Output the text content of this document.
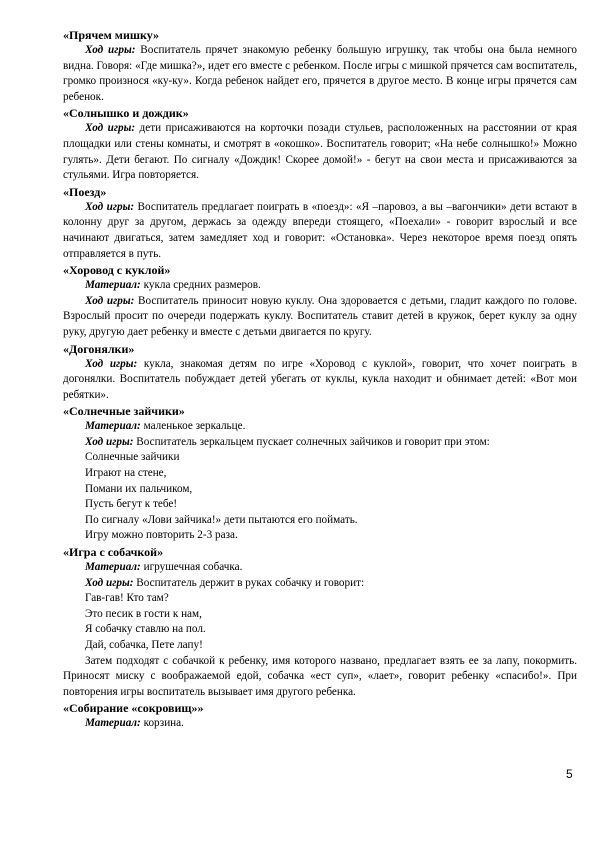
«Прячем мишку»

Ход игры: Воспитатель прячет знакомую ребенку большую игрушку, так чтобы она была немного видна. Говоря: «Где мишка?», идет его вместе с ребенком. После игры с мишкой прячется сам воспитатель, громко произнося «ку-ку». Когда ребенок найдет его, прячется в другое место. В конце игры прячется сам ребенок.

«Солнышко и дождик»

Ход игры: дети присаживаются на корточки позади стульев, расположенных на расстоянии от края площадки или стены комнаты, и смотрят в «окошко». Воспитатель говорит; «На небе солнышко!» Можно гулять». Дети бегают. По сигналу «Дождик! Скорее домой!» - бегут на свои места и присаживаются за стульями. Игра повторяется.

«Поезд»

Ход игры: Воспитатель предлагает поиграть в «поезд»: «Я –паровоз, а вы –вагончики» дети встают в колонну друг за другом, держась за одежду впереди стоящего, «Поехали» - говорит взрослый и все начинают двигаться, затем замедляет ход и говорит: «Остановка». Через некоторое время поезд опять отправляется в путь.

«Хоровод с куклой»

Материал: кукла средних размеров.

Ход игры: Воспитатель приносит новую куклу. Она здоровается с детьми, гладит каждого по голове. Взрослый просит по очереди подержать куклу. Воспитатель ставит детей в кружок, берет куклу за одну руку, другую дает ребенку и вместе с детьми двигается по кругу.

«Догонялки»

Ход игры: кукла, знакомая детям по игре «Хоровод с куклой», говорит, что хочет поиграть в догонялки. Воспитатель побуждает детей убегать от куклы, кукла находит и обнимает детей: «Вот мои ребятки».

«Солнечные зайчики»

Материал: маленькое зеркальце.

Ход игры: Воспитатель зеркальцем пускает солнечных зайчиков и говорит при этом:

Солнечные зайчики

Играют на стене,

Помани их пальчиком,

Пусть бегут к тебе!

По сигналу «Лови зайчика!» дети пытаются его поймать.

Игру можно повторить 2-3 раза.

«Игра с собачкой»

Материал: игрушечная собачка.

Ход игры: Воспитатель держит в руках собачку и говорит:

Гав-гав! Кто там?

Это песик в гости к нам,

Я собачку ставлю на пол.

Дай, собачка, Пете лапу!

Затем подходят с собачкой к ребенку, имя которого названо, предлагает взять ее за лапу, покормить. Приносят миску с воображаемой едой, собачка «ест суп», «лает», говорит ребенку «спасибо!». При повторения игры воспитатель вызывает имя другого ребенка.

«Собирание «сокровищ»»

Материал: корзина.

5
